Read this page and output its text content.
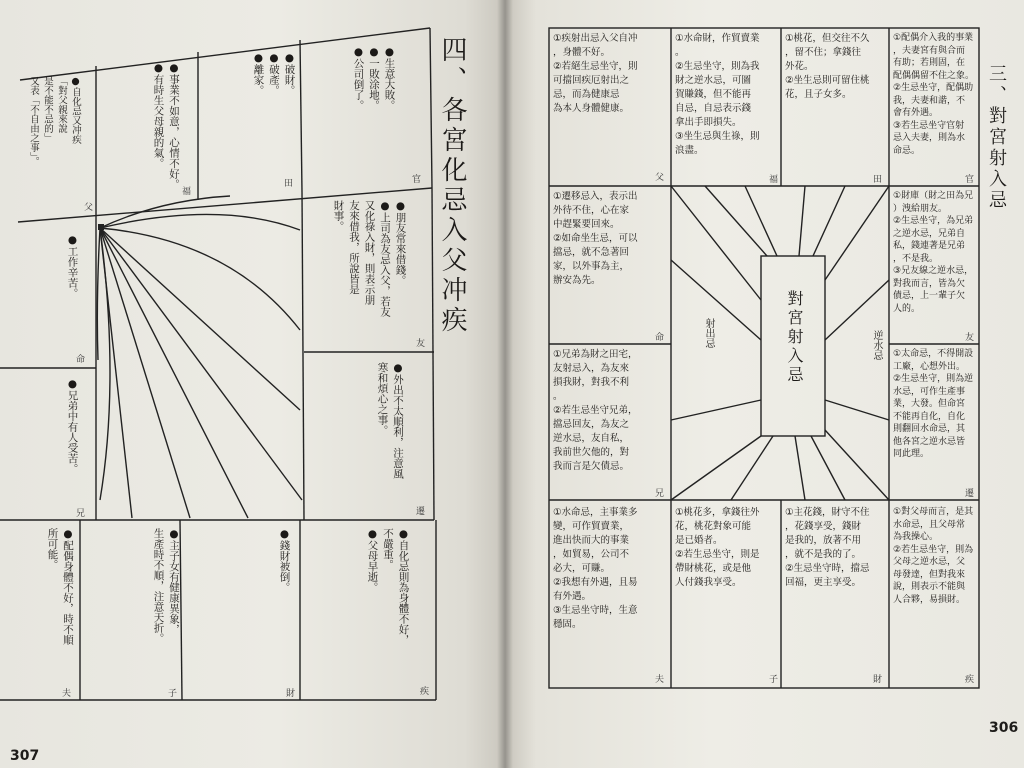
四、各宮化忌入父冲疾
●生意大敗。
●一敗涂地。
●公司倒了。
官
●破財。
●破產。
●離家。
田
●事業不如意，心情不好。
●有時生父母親的氣。
福
●自化忌又冲疾
「對父親來說
是不能不忌的」
又表「不自由之事」。
父	●朋友常來借錢。
●上司為友忌入父，若友
又化祿入財，則表示朋
友來借我，所說皆是
財事。
友
●外出不太順利，注意風
寒和煩心之事。
遷
●工作辛苦。
命
●兄弟中有人受苦。
兄
●自化忌則為身體不好，
不嚴重。
●父母早逝。
疾
●錢財被倒。
財
●主子女有健康異象，
生產時不順，注意天折。
子
●配偶身體不好，時不順
所可能。
夫
307
三、對宮射入忌
對宮射入忌
射出忌	逆水忌
①疾射出忌入父自冲
，身體不好。
②若絕生忌坐守，則
可擋回疾厄射出之
忌，而為健康忌
為本人身體健康。
父
①水命財，作貿賣業
。
②生忌坐守，則為我
財之逆水忌，可圖
賀賺錢，但不能再
自忌，自忌表示錢
拿出手即損失。
③坐生忌與生祿，則
浪盡。
福
①桃花，但交往不久
，留不住；拿錢往
外花。
②坐生忌則可留住桃
花，且子女多。
田
①配偶介入我的事業
，夫妻宮有與合而
有助；若則固，在
配偶偶留不住之象。
②生忌坐守，配偶助
我，夫妻和諧，不
會有外遇。
③若生忌坐守官射
忌入夫妻，則為水
命忌。
官
①遷移忌入，表示出
外待不住，心在家
中趕緊要回來。
②如命坐生忌，可以
擋忌，就不急著回
家，以外事為主，
辦安為先。
命
①財庫（財之田為兄
）洩給朋友。
②生忌坐守，為兄弟
之逆水忌，兄弟自
私，錢連著是兄弟
，不是我。
③兄友線之逆水忌，
對我而言，皆為欠
債忌，上一輩子欠
人的。
友
①兄弟為財之田宅，
友射忌入，為友來
損我財，對我不利
。
②若生忌坐守兄弟，
擋忌回友，為友之
逆水忌，友自私，
我前世欠他的，對
我而言是欠債忌。
兄
①太命忌，不得開設
工廠，心想外出。
②生忌坐守，則為逆
水忌，可作生產事
業，大發。但命宮
不能再自化，自化
則翻回水命忌，其
他各宮之逆水忌皆
同此理。
遷
①水命忌，主事業多
變，可作貿賣業，
進出快而大的事業
，如貿易，公司不
必大，可賺。
②我想有外遇，且易
有外遇。
③生忌坐守時，生意
穩固。
夫
①桃花多，拿錢往外
花，桃花對象可能
是已婚者。
②若生忌坐守，則是
帶財桃花，或是他
人付錢我享受。
子
①主花錢，財守不住
，花錢享受，錢財
是我的，放著不用
，就不是我的了。
②生忌坐守時，擋忌
回福，更主享受。
財
①對父母而言，是其
水命忌，且父母常
為我操心。
②若生忌坐守，則為
父母之逆水忌，父
母發達，但對我來
說，則表示不能與
人合夥，易損財。
疾
306
